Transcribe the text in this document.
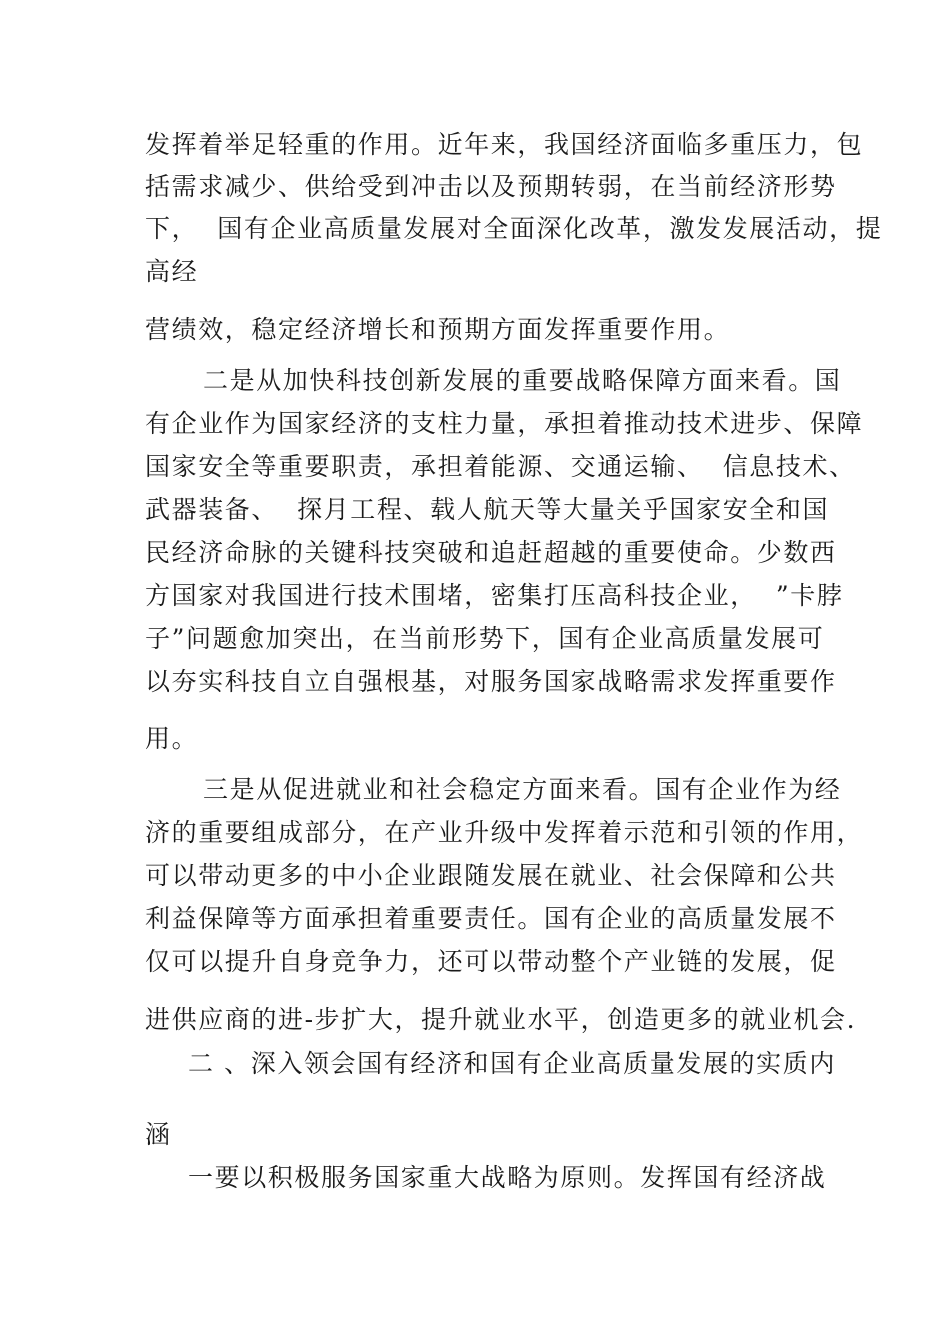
发挥着举足轻重的作用。近年来，我国经济面临多重压力，包
括需求减少、供给受到冲击以及预期转弱，在当前经济形势
下，  国有企业高质量发展对全面深化改革，激发发展活动，提
高经
营绩效，稳定经济增长和预期方面发挥重要作用。
二是从加快科技创新发展的重要战略保障方面来看。国
有企业作为国家经济的支柱力量，承担着推动技术进步、保障
国家安全等重要职责，承担着能源、交通运输、  信息技术、
武器装备、  探月工程、载人航天等大量关乎国家安全和国
民经济命脉的关键科技突破和追赶超越的重要使命。少数西
方国家对我国进行技术围堵，密集打压高科技企业，  ”卡脖
子”问题愈加突出，在当前形势下，国有企业高质量发展可
以夯实科技自立自强根基，对服务国家战略需求发挥重要作
用。
三是从促进就业和社会稳定方面来看。国有企业作为经
济的重要组成部分，在产业升级中发挥着示范和引领的作用，
可以带动更多的中小企业跟随发展在就业、社会保障和公共
利益保障等方面承担着重要责任。国有企业的高质量发展不
仅可以提升自身竞争力，还可以带动整个产业链的发展，促
进供应商的进-步扩大，提升就业水平，创造更多的就业机会.
二 、深入领会国有经济和国有企业高质量发展的实质内
涵
一要以积极服务国家重大战略为原则。发挥国有经济战
